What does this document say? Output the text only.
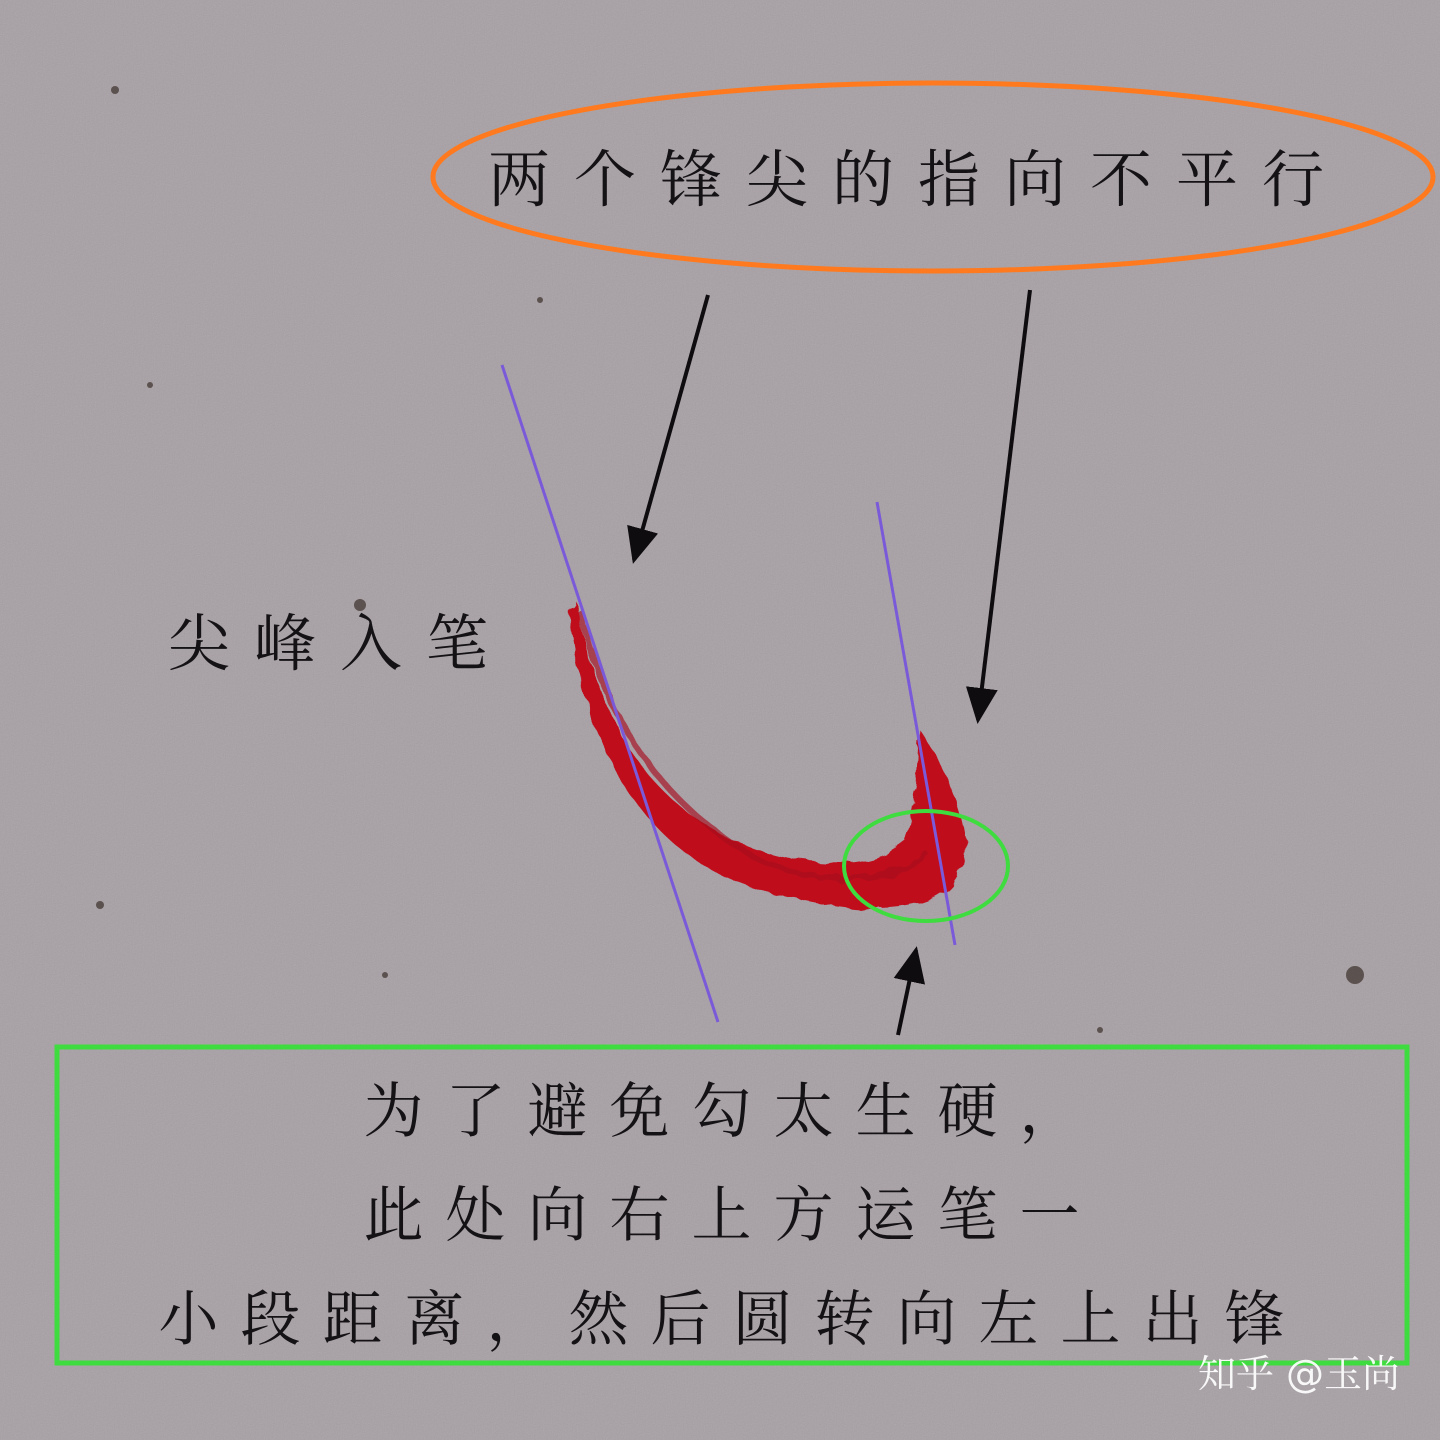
两个锋尖的指向不平行
尖峰入笔
为了避免勾太生硬，
此处向右上方运笔一
小段距离，然后圆转向左上出锋
知乎 @玉尚
